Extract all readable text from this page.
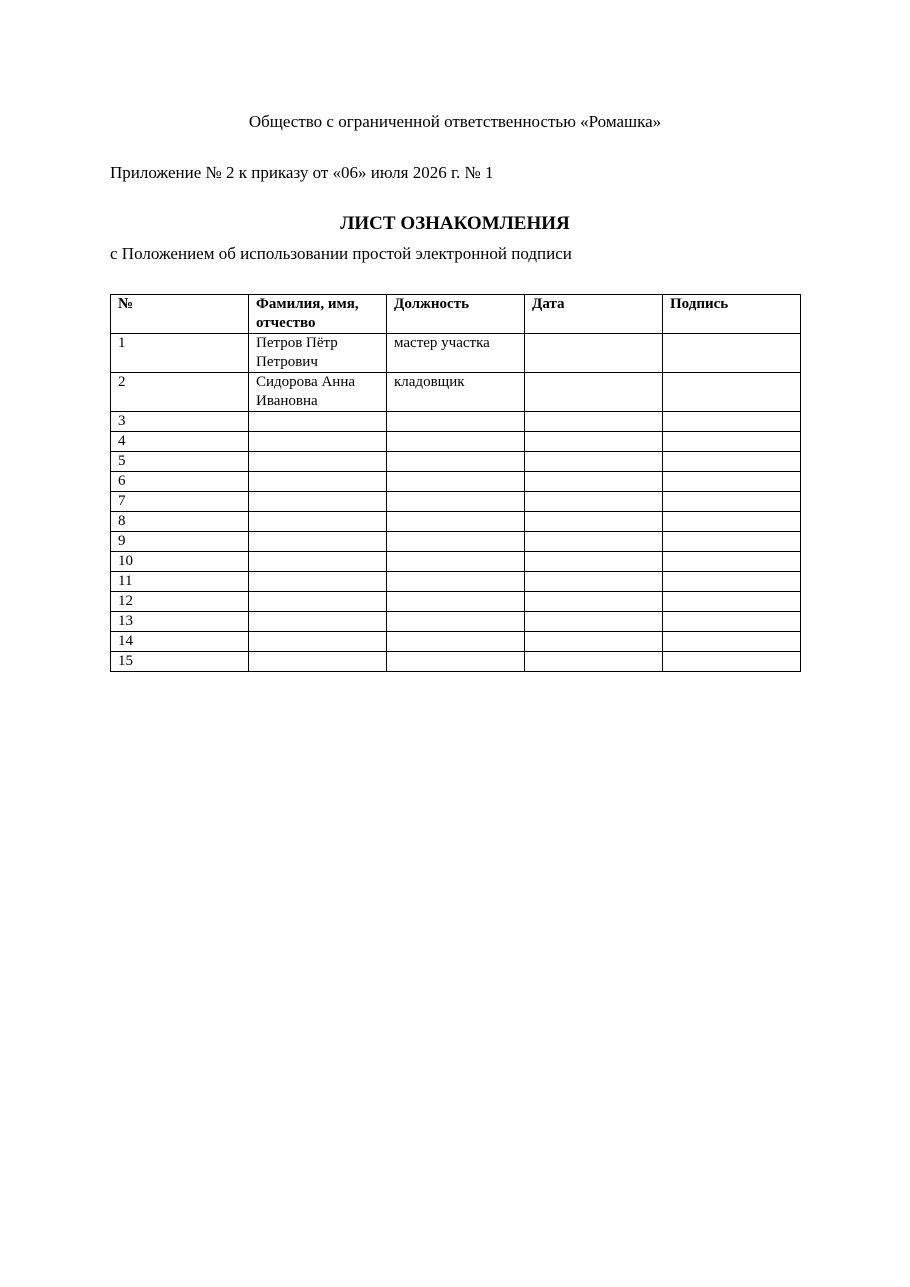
Общество с ограниченной ответственностью «Ромашка»
Приложение № 2 к приказу от «06» июля 2026 г. № 1
ЛИСТ ОЗНАКОМЛЕНИЯ
с Положением об использовании простой электронной подписи
№	Фамилия, имя, отчество	Должность	Дата	Подпись
1	Петров Пётр Петрович	мастер участка		
2	Сидорова Анна Ивановна	кладовщик		
3				
4				
5				
6				
7				
8				
9				
10				
11				
12				
13				
14				
15				
